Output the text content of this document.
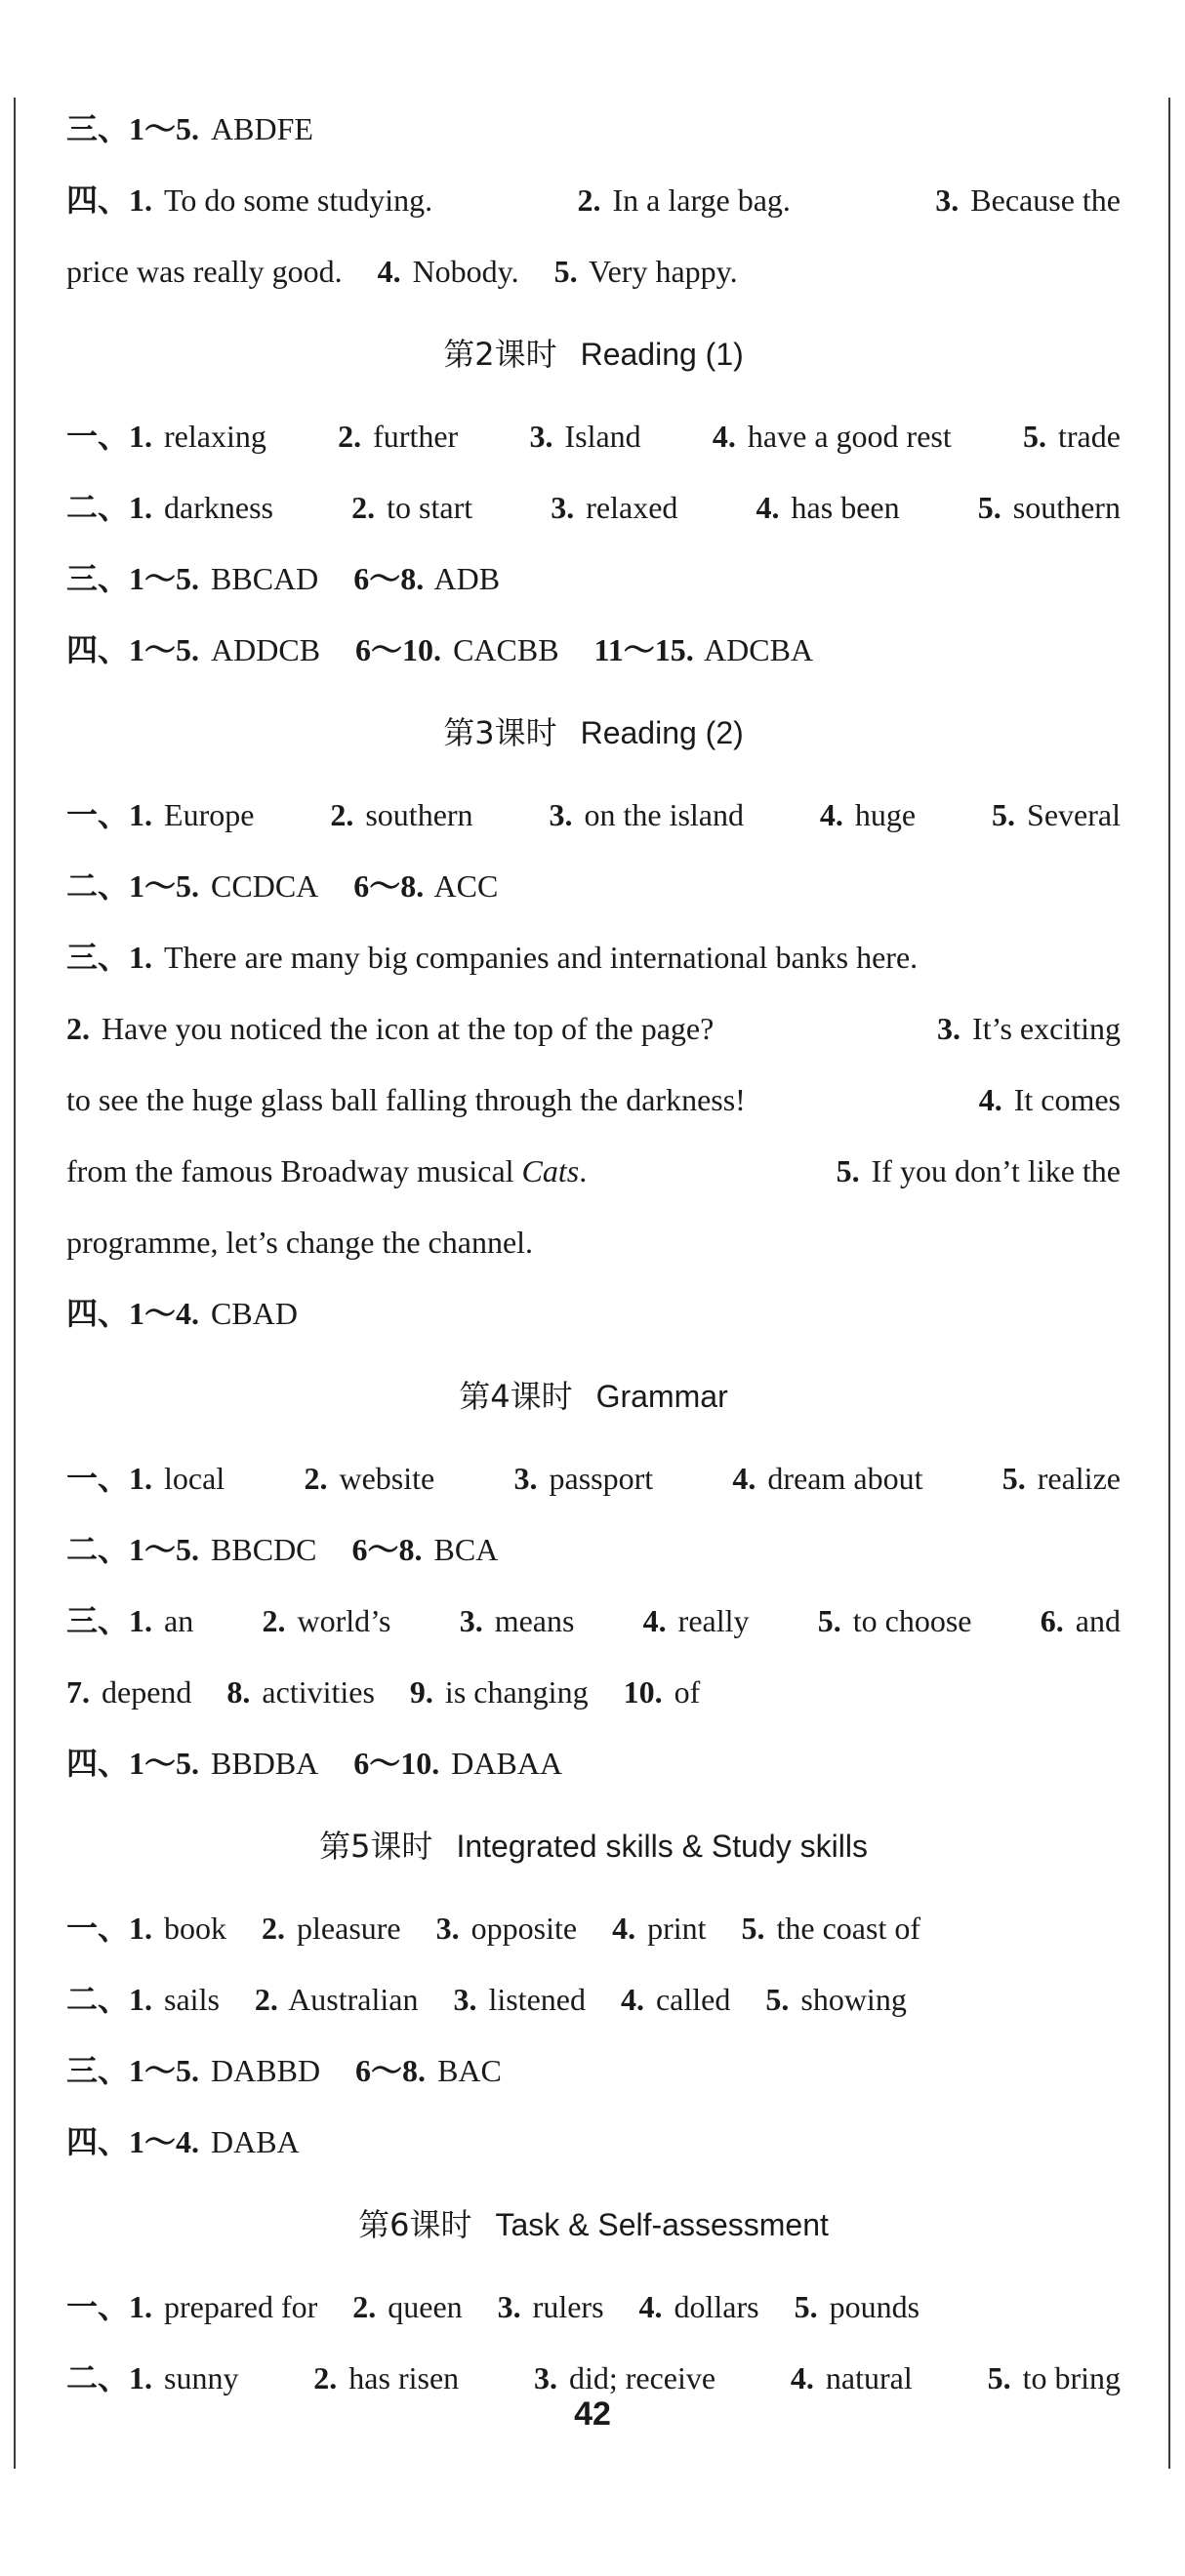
三、1～5. ABDFE
四、1. To do some studying.	2. In a large bag.	3. Because the
price was really good. 4. Nobody. 5. Very happy.
第2课时 Reading (1)
一、1. relaxing 2. further 3. Island 4. have a good rest 5. trade
二、1. darkness	2. to start	3. relaxed	4. has been	5. southern
三、1～5. BBCAD 6～8. ADB
四、1～5. ADDCB 6～10. CACBB 11～15. ADCBA
第3课时 Reading (2)
一、1. Europe 2. southern 3. on the island 4. huge 5. Several
二、1～5. CCDCA 6～8. ACC
三、1. There are many big companies and international banks here.
2. Have you noticed the icon at the top of the page?	3. It’s exciting
to see the huge glass ball falling through the darkness!	4. It comes
from the famous Broadway musical Cats.	5. If you don’t like the
programme, let’s change the channel.
四、1～4. CBAD
第4课时 Grammar
一、1. local	2. website	3. passport	4. dream about	5. realize
二、1～5. BBCDC 6～8. BCA
三、1. an 2. world’s 3. means 4. really 5. to choose 6. and
7. depend 8. activities 9. is changing 10. of
四、1～5. BBDBA 6～10. DABAA
第5课时 Integrated skills & Study skills
一、1. book 2. pleasure 3. opposite 4. print 5. the coast of
二、1. sails 2. Australian 3. listened 4. called 5. showing
三、1～5. DABBD 6～8. BAC
四、1～4. DABA
第6课时 Task & Self-assessment
一、1. prepared for 2. queen 3. rulers 4. dollars 5. pounds
二、1. sunny 2. has risen 3. did; receive 4. natural 5. to bring
42
